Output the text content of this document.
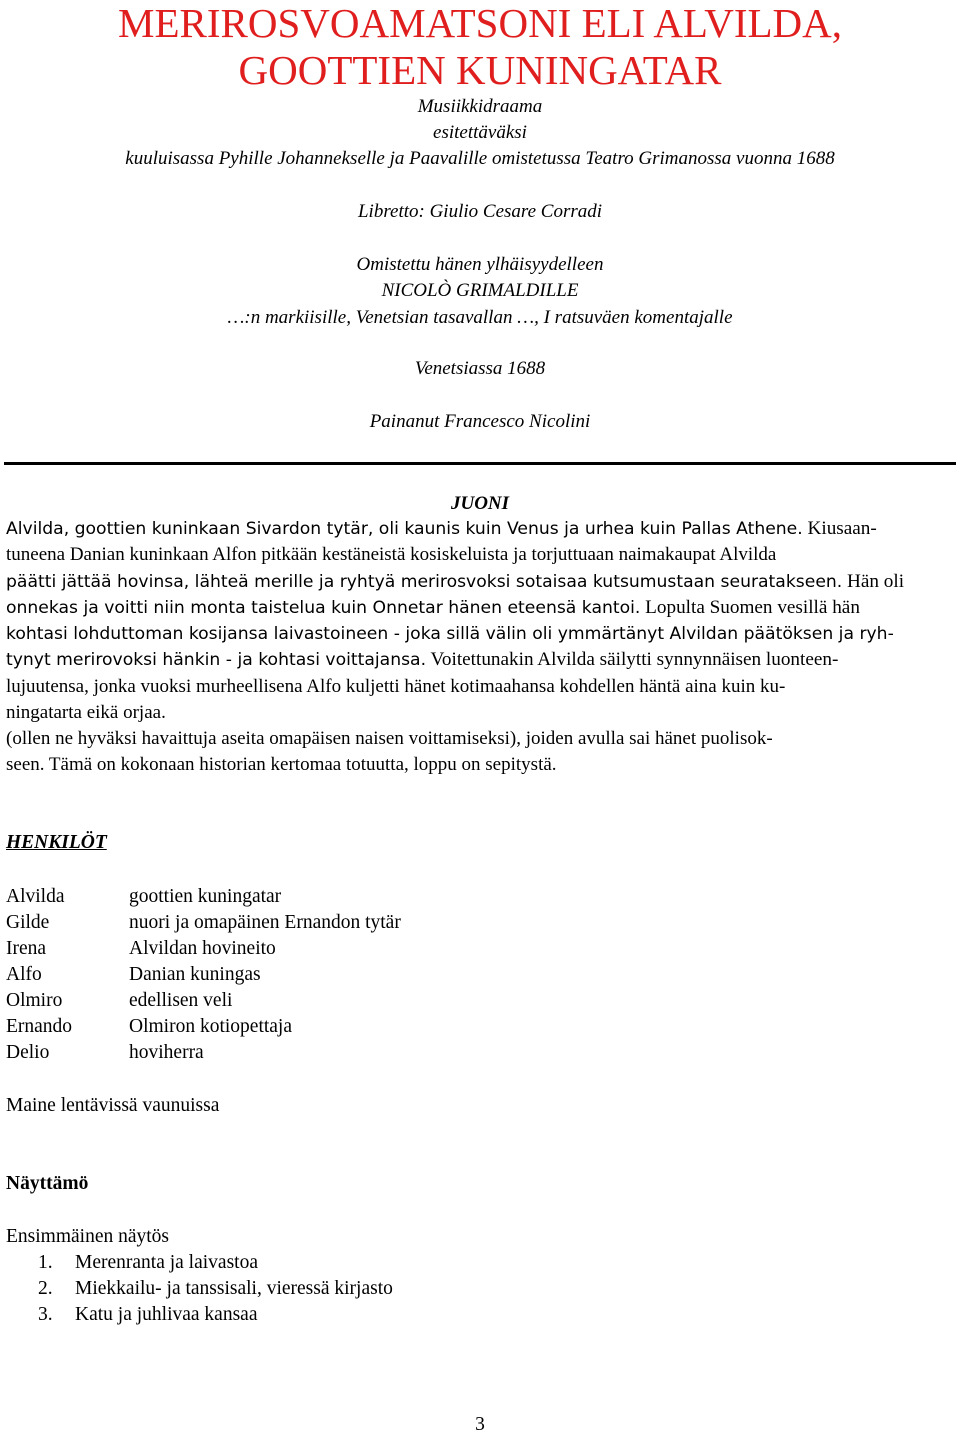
MERIROSVOAMATSONI ELI ALVILDA,
GOOTTIEN KUNINGATAR
Musiikkidraama
esitettäväksi
kuuluisassa Pyhille Johannekselle ja Paavalille omistetussa Teatro Grimanossa vuonna 1688
Libretto: Giulio Cesare Corradi
Omistettu hänen ylhäisyydelleen
NICOLÒ GRIMALDILLE
…:n markiisille, Venetsian tasavallan …, I ratsuväen komentajalle
Venetsiassa 1688
Painanut Francesco Nicolini
JUONI
Alvilda, goottien kuninkaan Sivardon tytär, oli kaunis kuin Venus ja urhea kuin Pallas Athene. Kiusaan-
tuneena Danian kuninkaan Alfon pitkään kestäneistä kosiskeluista ja torjuttuaan naimakaupat Alvilda
päätti jättää hovinsa, lähteä merille ja ryhtyä merirosvoksi sotaisaa kutsumustaan seuratakseen. Hän oli
onnekas ja voitti niin monta taistelua kuin Onnetar hänen eteensä kantoi. Lopulta Suomen vesillä hän
kohtasi lohduttoman kosijansa laivastoineen - joka sillä välin oli ymmärtänyt Alvildan päätöksen ja ryh-
tynyt merirovoksi hänkin - ja kohtasi voittajansa. Voitettunakin Alvilda säilytti synnynnäisen luonteen-
lujuutensa, jonka vuoksi murheellisena Alfo kuljetti hänet kotimaahansa kohdellen häntä aina kuin ku-
ningatarta eikä orjaa.
(ollen ne hyväksi havaittuja aseita omapäisen naisen voittamiseksi), joiden avulla sai hänet puolisok-
seen. Tämä on kokonaan historian kertomaa totuutta, loppu on sepitystä.
HENKILÖT
Alvilda	goottien kuningatar
Gilde	nuori ja omapäinen Ernandon tytär
Irena	Alvildan hovineito
Alfo	Danian kuningas
Olmiro	edellisen veli
Ernando	Olmiron kotiopettaja
Delio	hoviherra
Maine lentävissä vaunuissa
Näyttämö
Ensimmäinen näytös
1. Merenranta ja laivastoa
2. Miekkailu- ja tanssisali, vieressä kirjasto
3. Katu ja juhlivaa kansaa
3
